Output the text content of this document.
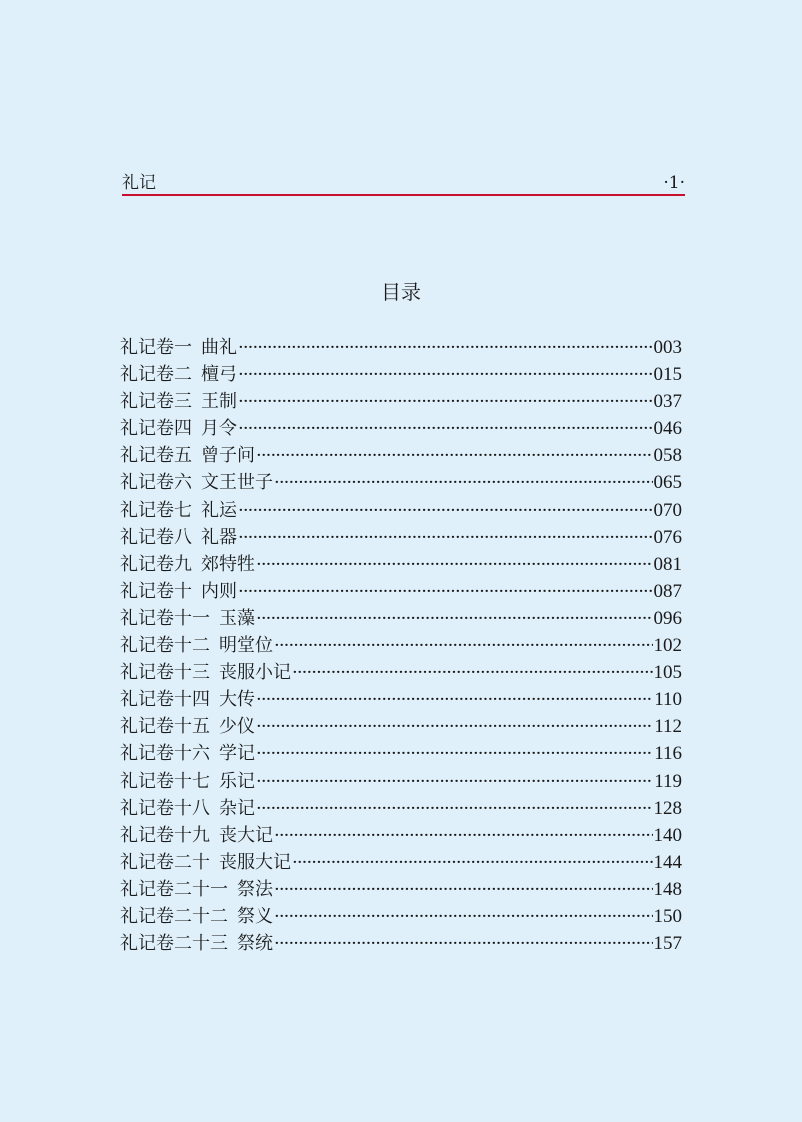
礼记	·1·
目录
礼记卷一 曲礼 ·····	003
礼记卷二 檀弓 ·····	015
礼记卷三 王制 ·····	037
礼记卷四 月令 ·····	046
礼记卷五 曾子问 ·····	058
礼记卷六 文王世子 ·····	065
礼记卷七 礼运 ·····	070
礼记卷八 礼器 ·····	076
礼记卷九 郊特牲 ·····	081
礼记卷十 内则 ·····	087
礼记卷十一 玉藻 ·····	096
礼记卷十二 明堂位 ·····	102
礼记卷十三 丧服小记 ·····	105
礼记卷十四 大传 ·····	110
礼记卷十五 少仪 ·····	112
礼记卷十六 学记 ·····	116
礼记卷十七 乐记 ·····	119
礼记卷十八 杂记 ·····	128
礼记卷十九 丧大记 ·····	140
礼记卷二十 丧服大记 ·····	144
礼记卷二十一 祭法 ·····	148
礼记卷二十二 祭义 ·····	150
礼记卷二十三 祭统 ·····	157
